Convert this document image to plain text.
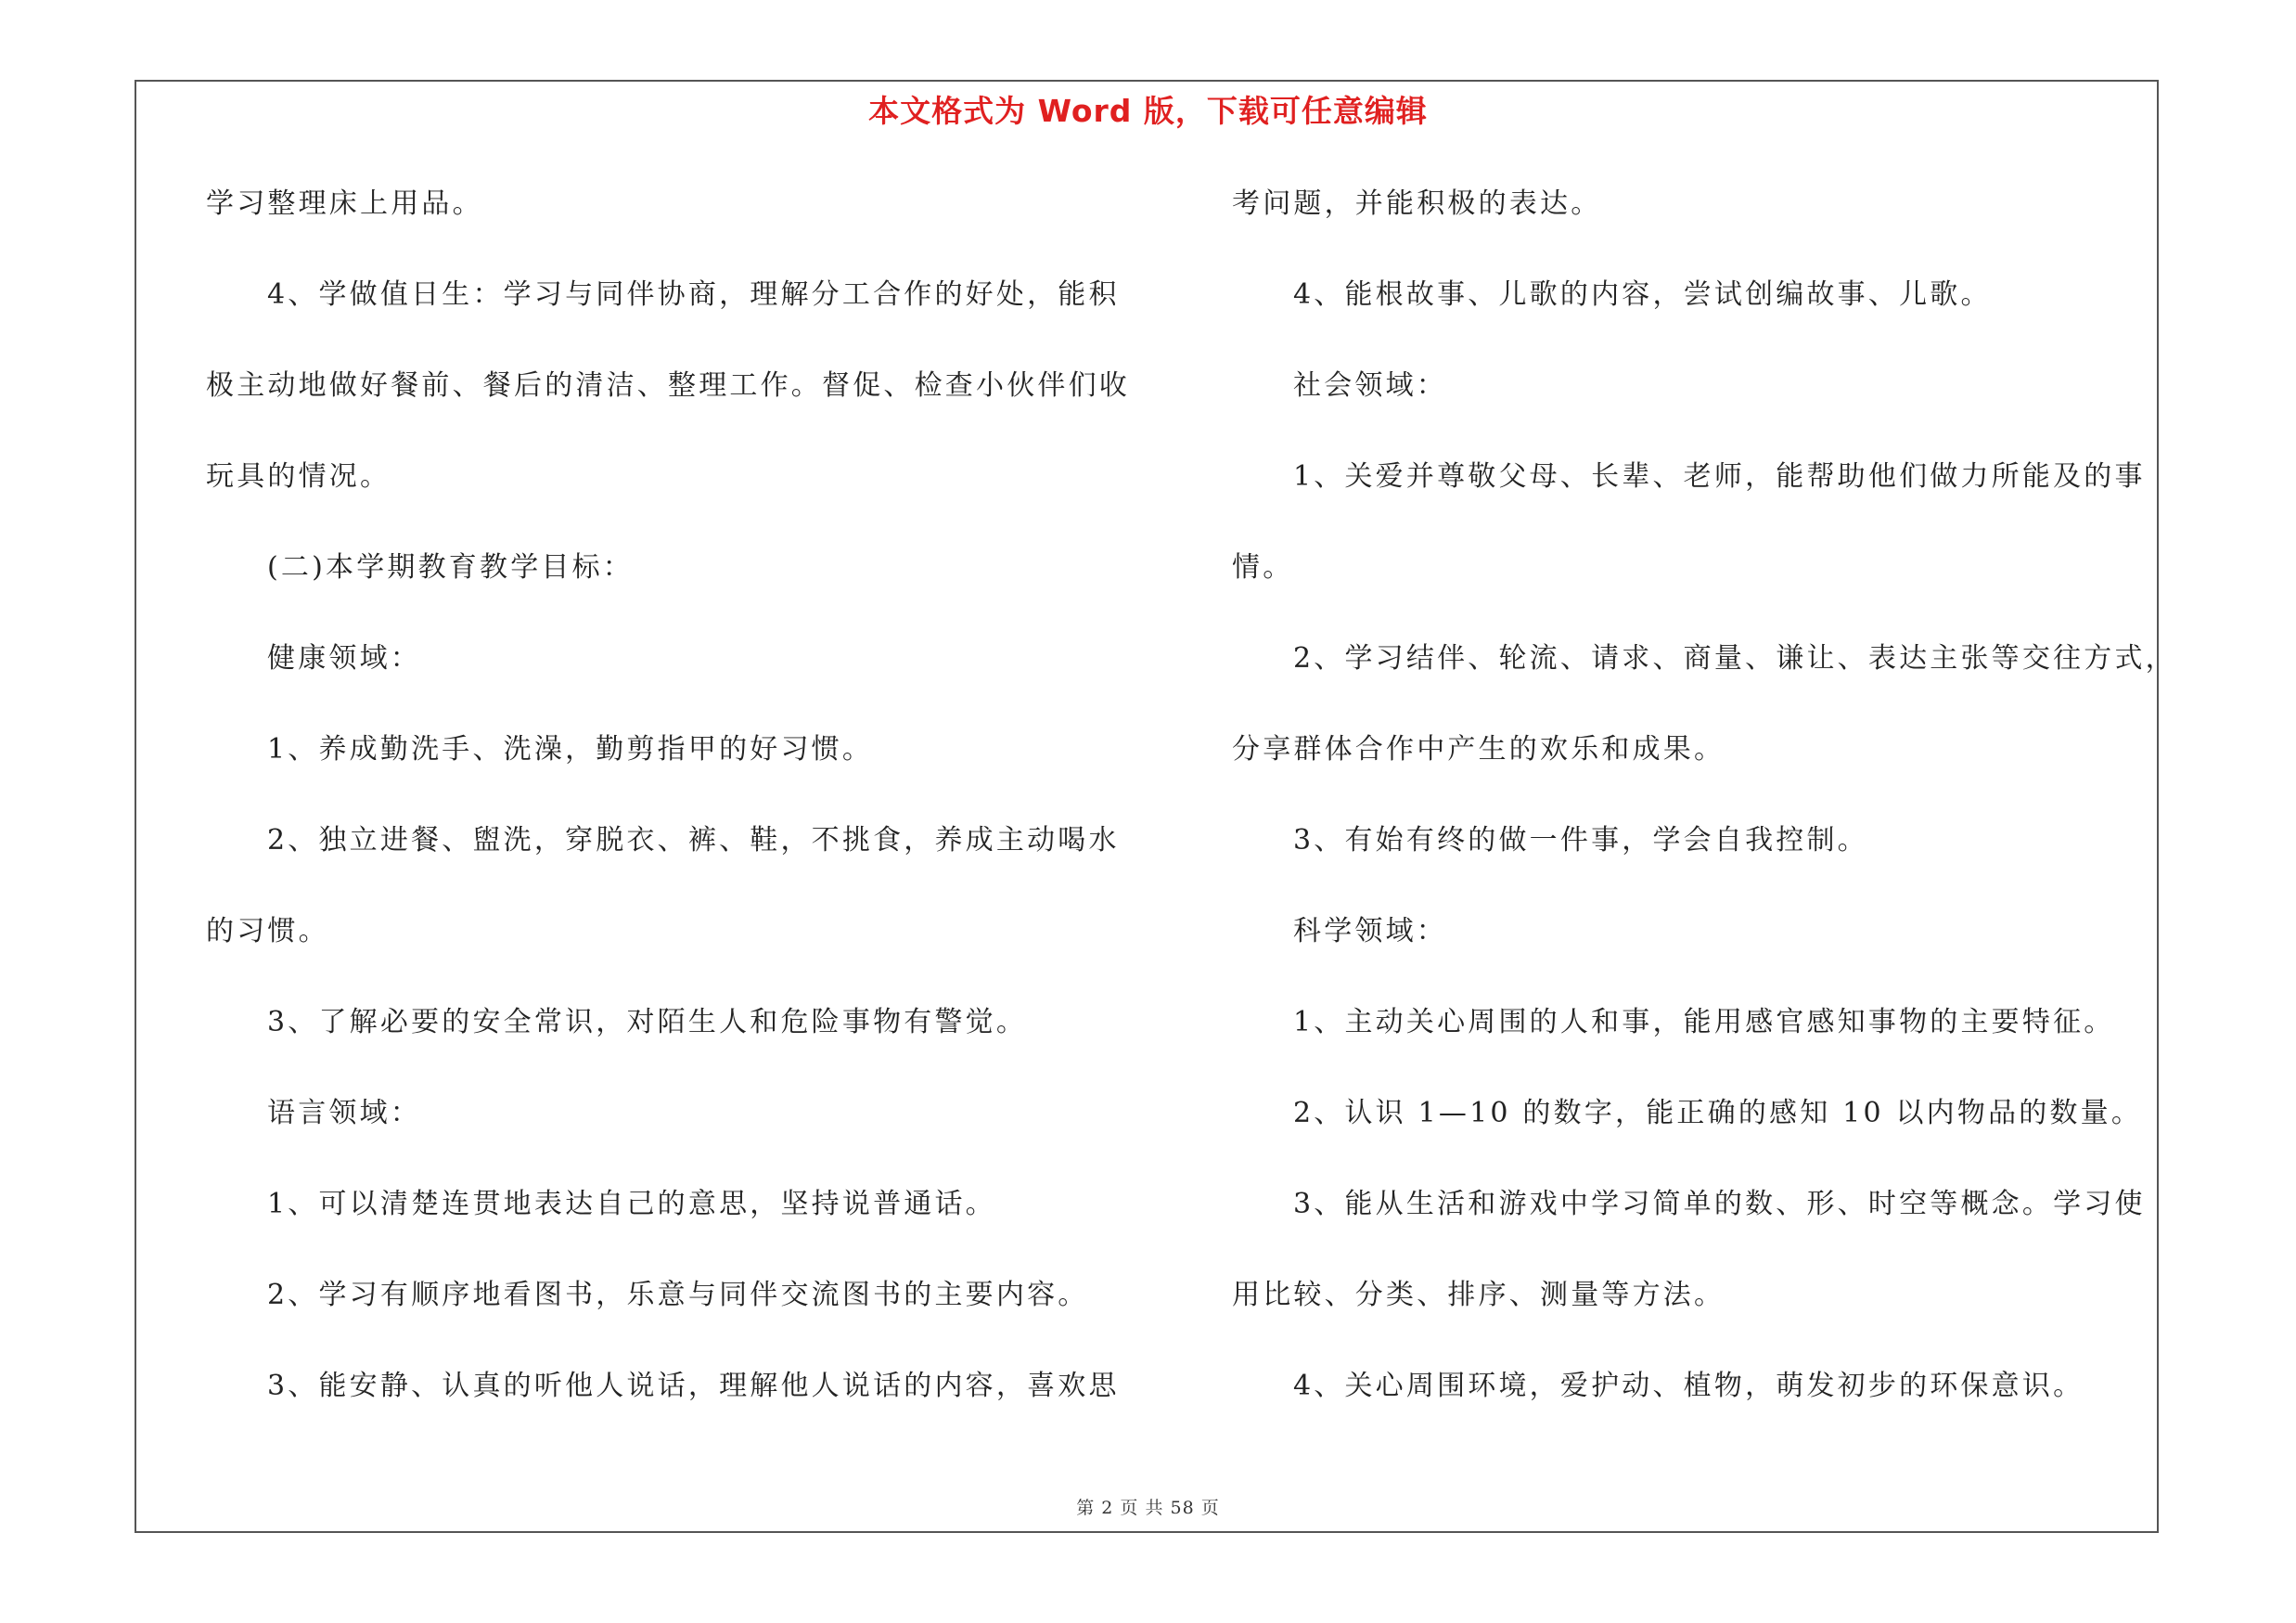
本文格式为 Word 版，下载可任意编辑
学习整理床上用品。
4、学做值日生：学习与同伴协商，理解分工合作的好处，能积
极主动地做好餐前、餐后的清洁、整理工作。督促、检查小伙伴们收
玩具的情况。
(二)本学期教育教学目标：
健康领域：
1、养成勤洗手、洗澡，勤剪指甲的好习惯。
2、独立进餐、盥洗，穿脱衣、裤、鞋，不挑食，养成主动喝水
的习惯。
3、了解必要的安全常识，对陌生人和危险事物有警觉。
语言领域：
1、可以清楚连贯地表达自己的意思，坚持说普通话。
2、学习有顺序地看图书，乐意与同伴交流图书的主要内容。
3、能安静、认真的听他人说话，理解他人说话的内容，喜欢思
考问题，并能积极的表达。
4、能根故事、儿歌的内容，尝试创编故事、儿歌。
社会领域：
1、关爱并尊敬父母、长辈、老师，能帮助他们做力所能及的事
情。
2、学习结伴、轮流、请求、商量、谦让、表达主张等交往方式，
分享群体合作中产生的欢乐和成果。
3、有始有终的做一件事，学会自我控制。
科学领域：
1、主动关心周围的人和事，能用感官感知事物的主要特征。
2、认识 1—10 的数字，能正确的感知 10 以内物品的数量。
3、能从生活和游戏中学习简单的数、形、时空等概念。学习使
用比较、分类、排序、测量等方法。
4、关心周围环境，爱护动、植物，萌发初步的环保意识。
第 2 页 共 58 页
